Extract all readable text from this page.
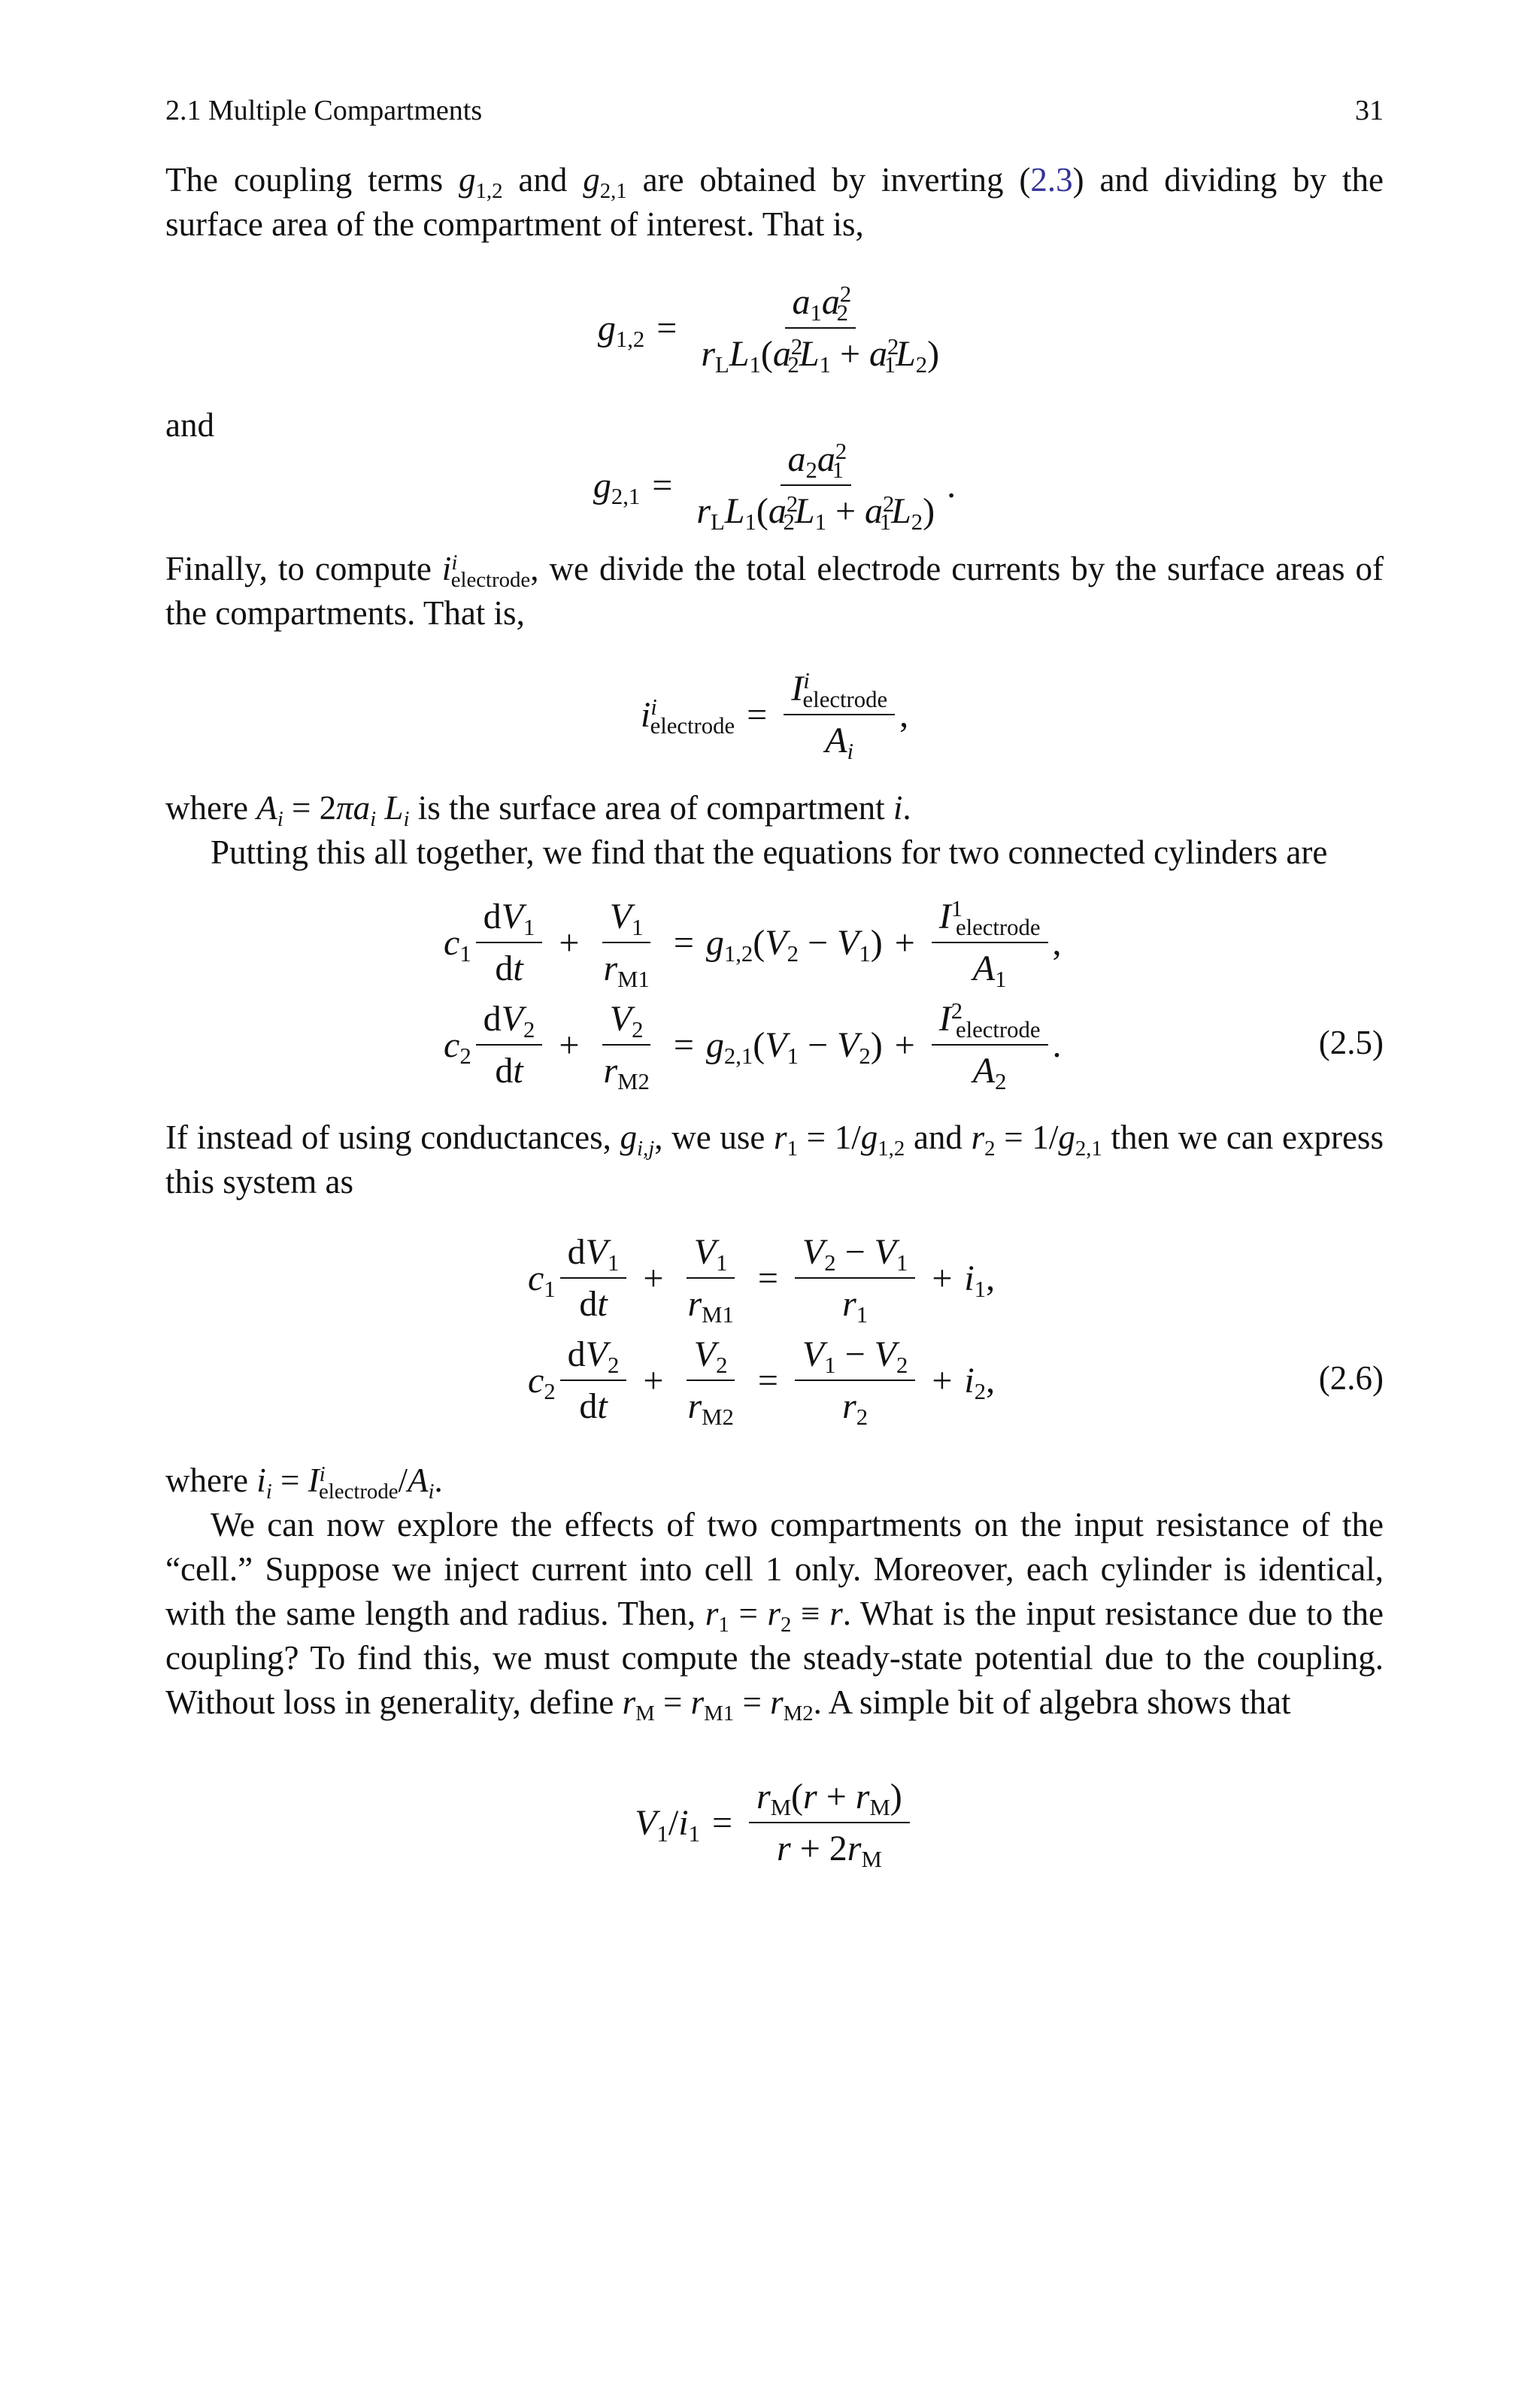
2.1 Multiple Compartments	31

The coupling terms $g_{1,2}$ and $g_{2,1}$ are obtained by inverting (2.3) and dividing by the surface area of the compartment of interest. That is,

$g_{1,2} = \frac{a_1a^2_2}{r_LL_1(a^2_2L_1 + a^2_1L_2)}$

and

$g_{2,1} = \frac{a_2a^2_1}{r_LL_1(a^2_2L_1 + a^2_1L_2)}$ .

Finally, to compute $i^i_{electrode}$, we divide the total electrode currents by the surface areas of the compartments. That is,

$i^i_{electrode} = \frac{I^i_{electrode}}{A_i}$ ,

where $A_i = 2\pi a_i$ $L_i$ is the surface area of compartment i.

Putting this all together, we find that the equations for two connected cylinders are

$c_1 \frac{dV_1}{dt} + \frac{V_1}{r_{M1}} = g_{1,2}(V_2 - V_1) + \frac{I^1_{electrode}}{A_1}$ ,
$c_2 \frac{dV_2}{dt} + \frac{V_2}{r_{M2}} = g_{2,1}(V_1 - V_2) + \frac{I^2_{electrode}}{A_2}$ .	(2.5)

If instead of using conductances, $g_{i,j}$, we use $r_1 = 1/g_{1,2}$ and $r_2 = 1/g_{2,1}$ then we can express this system as

$c_1 \frac{dV_1}{dt} + \frac{V_1}{r_{M1}} = \frac{V_2 - V_1}{r_1} + i_1$,
$c_2 \frac{dV_2}{dt} + \frac{V_2}{r_{M2}} = \frac{V_1 - V_2}{r_2} + i_2$,	(2.6)

where $i_i = I^i_{electrode}/A_i$.

We can now explore the effects of two compartments on the input resistance of the “cell.” Suppose we inject current into cell 1 only. Moreover, each cylinder is identical, with the same length and radius. Then, $r_1 = r_2 \equiv r$. What is the input resistance due to the coupling? To find this, we must compute the steady-state potential due to the coupling. Without loss in generality, define $r_M = r_{M1} = r_{M2}$. A simple bit of algebra shows that

$V_1/i_1 = \frac{r_M(r + r_M)}{r + 2r_M}$
